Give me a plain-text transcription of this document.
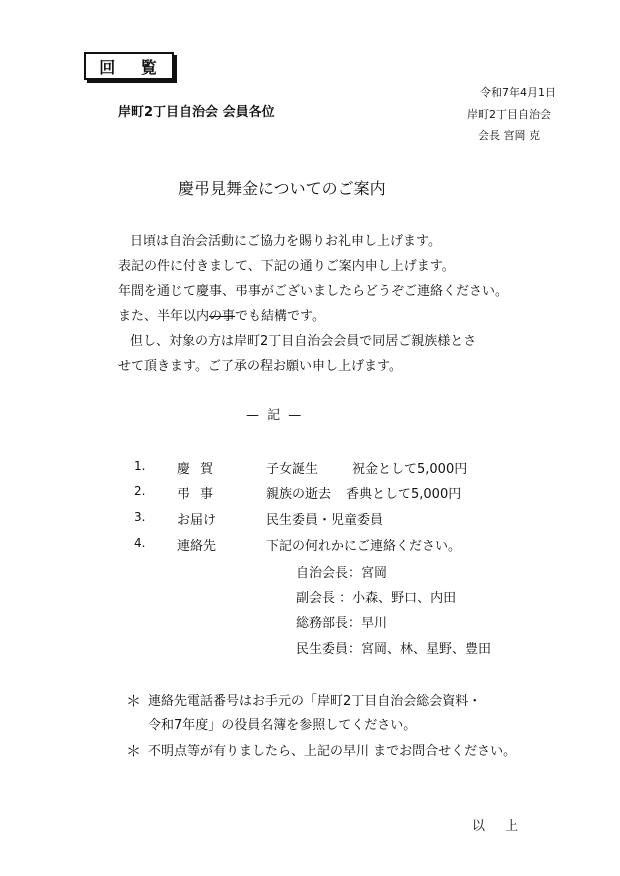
回 覧
岸町2丁目自治会 会員各位
令和7年4月1日
岸町2丁目自治会
会長 宮岡 克
慶弔見舞金についてのご案内
日頃は自治会活動にご協力を賜りお礼申し上げます。
表記の件に付きまして、下記の通りご案内申し上げます。
年間を通じて慶事、弔事がございましたらどうぞご連絡ください。
また、半年以内の事でも結構です。
但し、対象の方は岸町2丁目自治会会員で同居ご親族様とさ
せて頂きます。ご了承の程お願い申し上げます。
— 記 —
1. 慶賀	子女誕生	祝金として5,000円
2. 弔事	親族の逝去 香典として5,000円
3. お届け	民生委員・児童委員
4. 連絡先	下記の何れかにご連絡ください。
自治会長：宮岡
副会長 ：小森、野口、内田
総務部長：早川
民生委員：宮岡、林、星野、豊田
＊ 連絡先電話番号はお手元の「岸町2丁目自治会総会資料・
令和7年度」の役員名簿を参照してください。
＊ 不明点等が有りましたら、上記の早川 までお問合せください。
以 上
